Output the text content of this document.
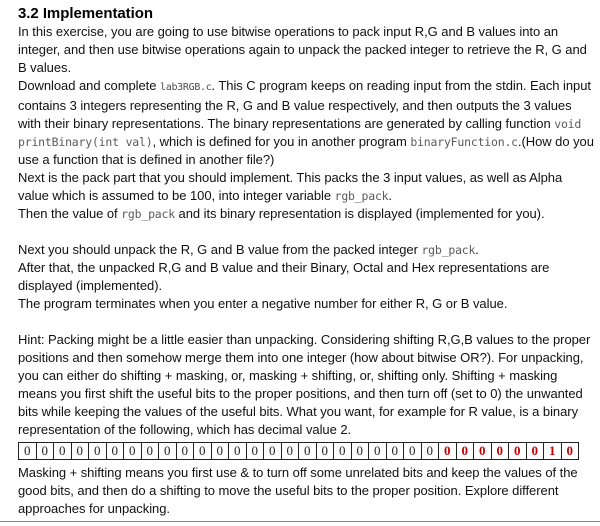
3.2 Implementation

In this exercise, you are going to use bitwise operations to pack input R,G and B values into an integer, and then use bitwise operations again to unpack the packed integer to retrieve the R, G and B values.

Download and complete lab3RGB.c. This C program keeps on reading input from the stdin. Each input contains 3 integers representing the R, G and B value respectively, and then outputs the 3 values with their binary representations. The binary representations are generated by calling function void printBinary(int val), which is defined for you in another program binaryFunction.c.(How do you use a function that is defined in another file?)

Next is the pack part that you should implement. This packs the 3 input values, as well as Alpha value which is assumed to be 100, into integer variable rgb_pack.

Then the value of rgb_pack and its binary representation is displayed (implemented for you).

Next you should unpack the R, G and B value from the packed integer rgb_pack.

After that, the unpacked R,G and B value and their Binary, Octal and Hex representations are displayed (implemented).

The program terminates when you enter a negative number for either R, G or B value.

Hint: Packing might be a little easier than unpacking. Considering shifting R,G,B values to the proper positions and then somehow merge them into one integer (how about bitwise OR?). For unpacking, you can either do shifting + masking, or, masking + shifting, or, shifting only. Shifting + masking means you first shift the useful bits to the proper positions, and then turn off (set to 0) the unwanted bits while keeping the values of the useful bits. What you want, for example for R value, is a binary representation of the following, which has decimal value 2.

0 0 0 0 0 0 0 0 0 0 0 0 0 0 0 0 0 0 0 0 0 0 0 0 0 0 0 0 0 0 1 0

Masking + shifting means you first use & to turn off some unrelated bits and keep the values of the good bits, and then do a shifting to move the useful bits to the proper position. Explore different approaches for unpacking.
